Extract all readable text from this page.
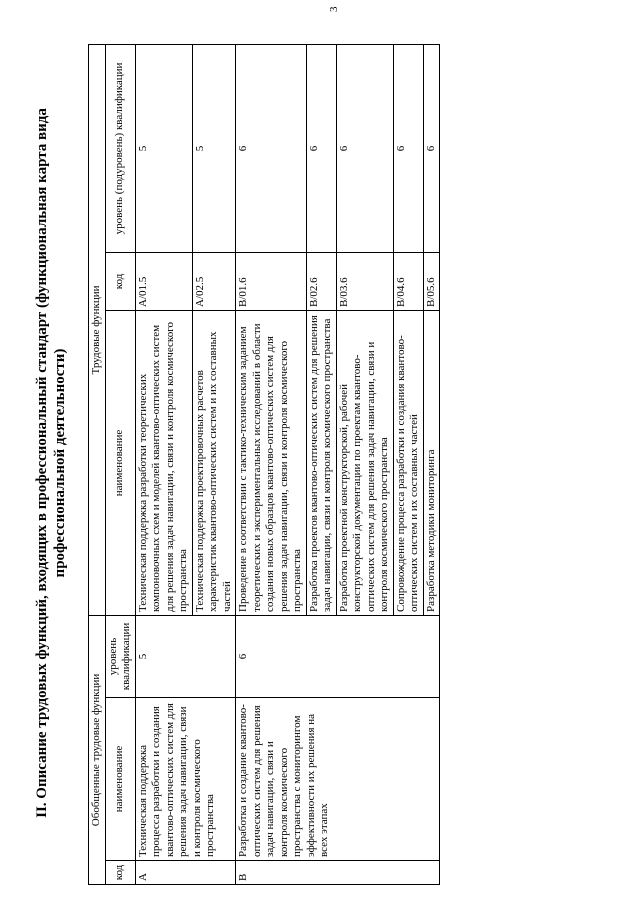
3
II. Описание трудовых функций, входящих в профессиональный стандарт (функциональная карта вида профессиональной деятельности)
Обобщенные трудовые функции			Трудовые функции		
код	наименование	уровень квалификации	наименование	код	уровень (подуровень) квалификации
A	Техническая поддержка процесса разработки и создания квантово-оптических систем для решения задач навигации, связи и контроля космического пространства	5	Техническая поддержка разработки теоретических компоновочных схем и моделей квантово-оптических систем для решения задач навигации, связи и контроля космического пространства	A/01.5	5
			Техническая поддержка проектировочных расчетов характеристик квантово-оптических систем и их составных частей	A/02.5	5
B	Разработка и создание квантово-оптических систем для решения задач навигации, связи и контроля космического пространства с мониторингом эффективности их решения на всех этапах	6	Проведение в соответствии с тактико-техническим заданием теоретических и экспериментальных исследований в области создания новых образцов квантово-оптических систем для решения задач навигации, связи и контроля космического пространства	B/01.6	6
			Разработка проектов квантово-оптических систем для решения задач навигации, связи и контроля космического пространства	B/02.6	6
			Разработка проектной конструкторской, рабочей конструкторской документации по проектам квантово-оптических систем для решения задач навигации, связи и контроля космического пространства	B/03.6	6
			Сопровождение процесса разработки и создания квантово-оптических систем и их составных частей	B/04.6	6
			Разработка методики мониторинга	B/05.6	6
